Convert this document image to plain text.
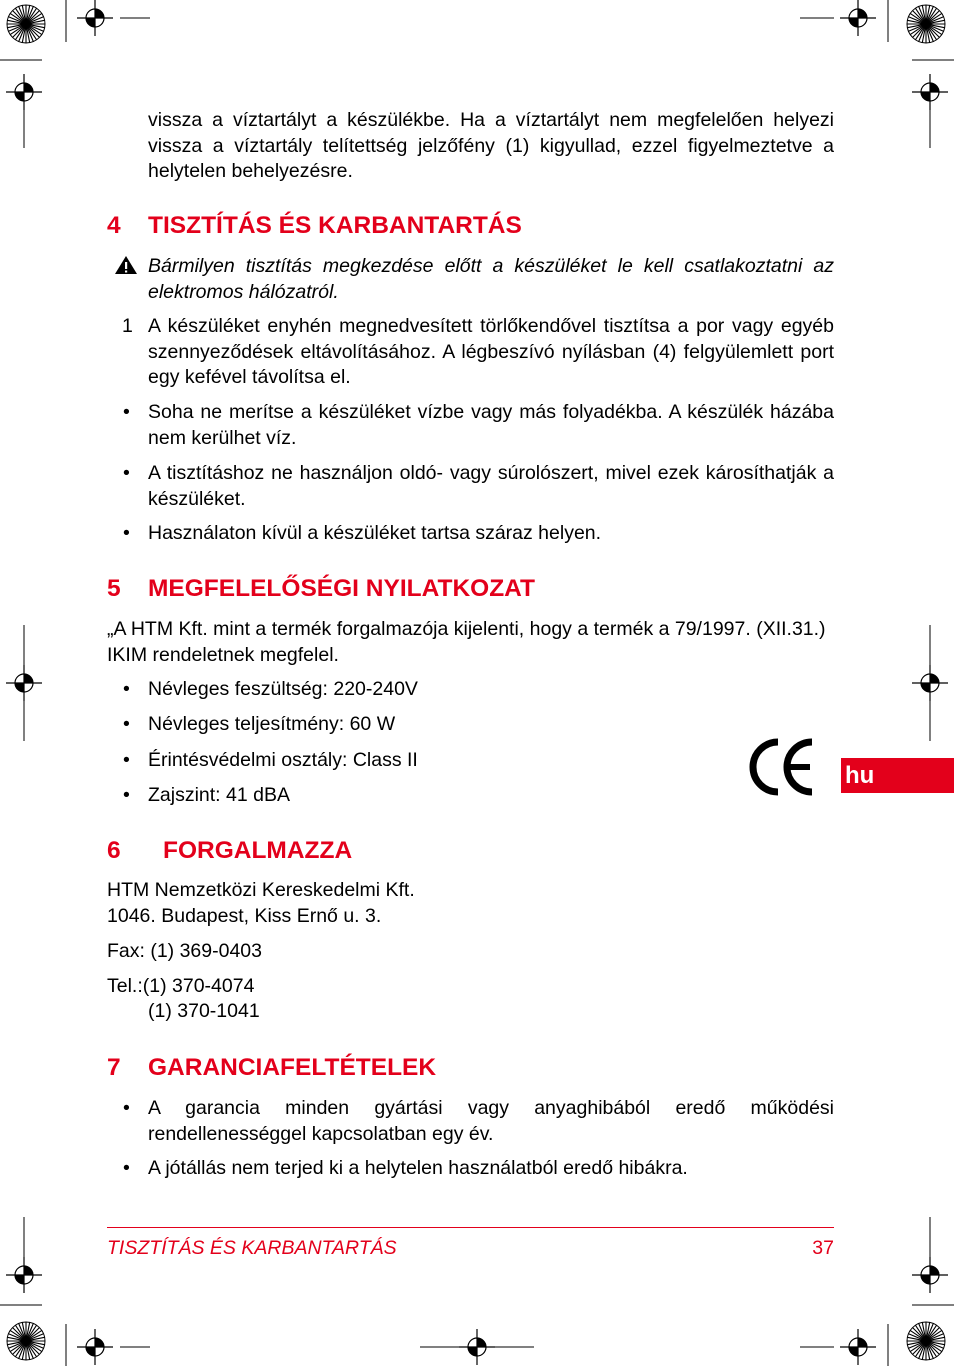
vissza a víztartályt a készülékbe. Ha a víztartályt nem megfelelően helyezi vissza a víztartály telítettség jelzőfény (1) kigyullad, ezzel figyelmeztetve a helytelen behelyezésre.
4 TISZTÍTÁS ÉS KARBANTARTÁS
Bármilyen tisztítás megkezdése előtt a készüléket le kell csatlakoztatni az elektromos hálózatról.
1 A készüléket enyhén megnedvesített törlőkendővel tisztítsa a por vagy egyéb szennyeződések eltávolításához. A légbeszívó nyílásban (4) felgyülemlett port egy kefével távolítsa el.
• Soha ne merítse a készüléket vízbe vagy más folyadékba. A készülék házába nem kerülhet víz.
• A tisztításhoz ne használjon oldó- vagy súrolószert, mivel ezek károsíthatják a készüléket.
• Használaton kívül a készüléket tartsa száraz helyen.
5 MEGFELELŐSÉGI NYILATKOZAT
„A HTM Kft. mint a termék forgalmazója kijelenti, hogy a termék a 79/1997. (XII.31.) IKIM rendeletnek megfelel.
• Névleges feszültség: 220-240V
• Névleges teljesítmény: 60 W
• Érintésvédelmi osztály: Class II
• Zajszint: 41 dBA
hu
6 FORGALMAZZA
HTM Nemzetközi Kereskedelmi Kft.
1046. Budapest, Kiss Ernő u. 3.
Fax: (1) 369-0403
Tel.:(1) 370-4074
(1) 370-1041
7 GARANCIAFELTÉTELEK
• A garancia minden gyártási vagy anyaghibából eredő működési rendellenességgel kapcsolatban egy év.
• A jótállás nem terjed ki a helytelen használatból eredő hibákra.
TISZTÍTÁS ÉS KARBANTARTÁS	37
